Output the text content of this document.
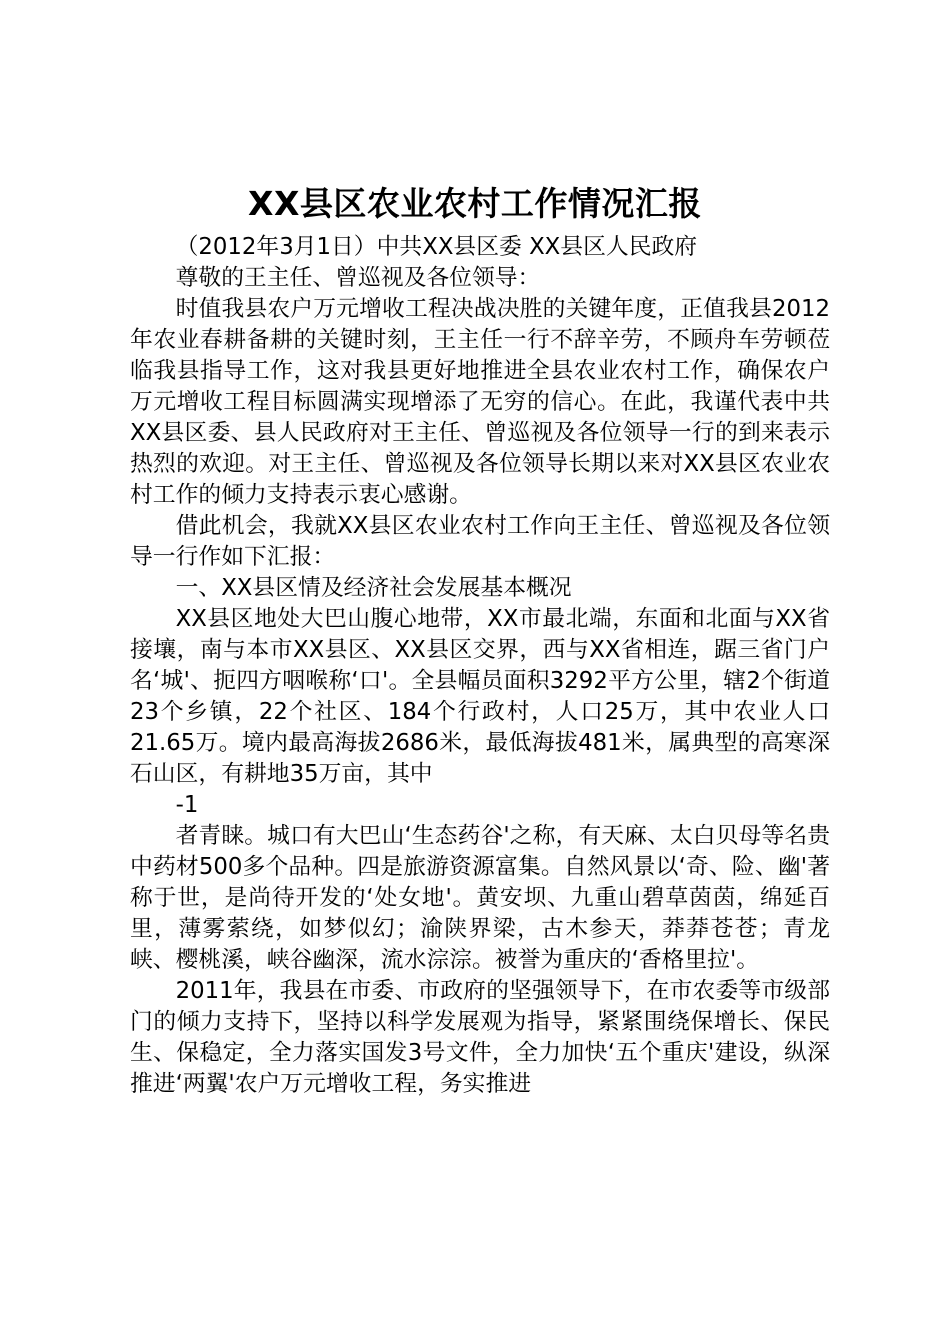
XX县区农业农村工作情况汇报

（2012年3月1日）中共XX县区委 XX县区人民政府

尊敬的王主任、曾巡视及各位领导：

时值我县农户万元增收工程决战决胜的关键年度，正值我县2012年农业春耕备耕的关键时刻，王主任一行不辞辛劳，不顾舟车劳顿莅临我县指导工作，这对我县更好地推进全县农业农村工作，确保农户万元增收工程目标圆满实现增添了无穷的信心。在此，我谨代表中共XX县区委、县人民政府对王主任、曾巡视及各位领导一行的到来表示热烈的欢迎。对王主任、曾巡视及各位领导长期以来对XX县区农业农村工作的倾力支持表示衷心感谢。

借此机会，我就XX县区农业农村工作向王主任、曾巡视及各位领导一行作如下汇报：

一、XX县区情及经济社会发展基本概况

XX县区地处大巴山腹心地带，XX市最北端，东面和北面与XX省接壤，南与本市XX县区、XX县区交界，西与XX省相连，踞三省门户名‘城'、扼四方咽喉称‘口'。全县幅员面积3292平方公里，辖2个街道23个乡镇，22个社区、184个行政村，人口25万，其中农业人口21.65万。境内最高海拔2686米，最低海拔481米，属典型的高寒深石山区，有耕地35万亩，其中

-1

者青睐。城口有大巴山‘生态药谷'之称，有天麻、太白贝母等名贵中药材500多个品种。四是旅游资源富集。自然风景以‘奇、险、幽'著称于世，是尚待开发的‘处女地'。黄安坝、九重山碧草茵茵，绵延百里，薄雾萦绕，如梦似幻；渝陕界梁，古木参天，莽莽苍苍；青龙峡、樱桃溪，峡谷幽深，流水淙淙。被誉为重庆的‘香格里拉'。

2011年，我县在市委、市政府的坚强领导下，在市农委等市级部门的倾力支持下，坚持以科学发展观为指导，紧紧围绕保增长、保民生、保稳定，全力落实国发3号文件，全力加快‘五个重庆'建设，纵深推进‘两翼'农户万元增收工程，务实推进
